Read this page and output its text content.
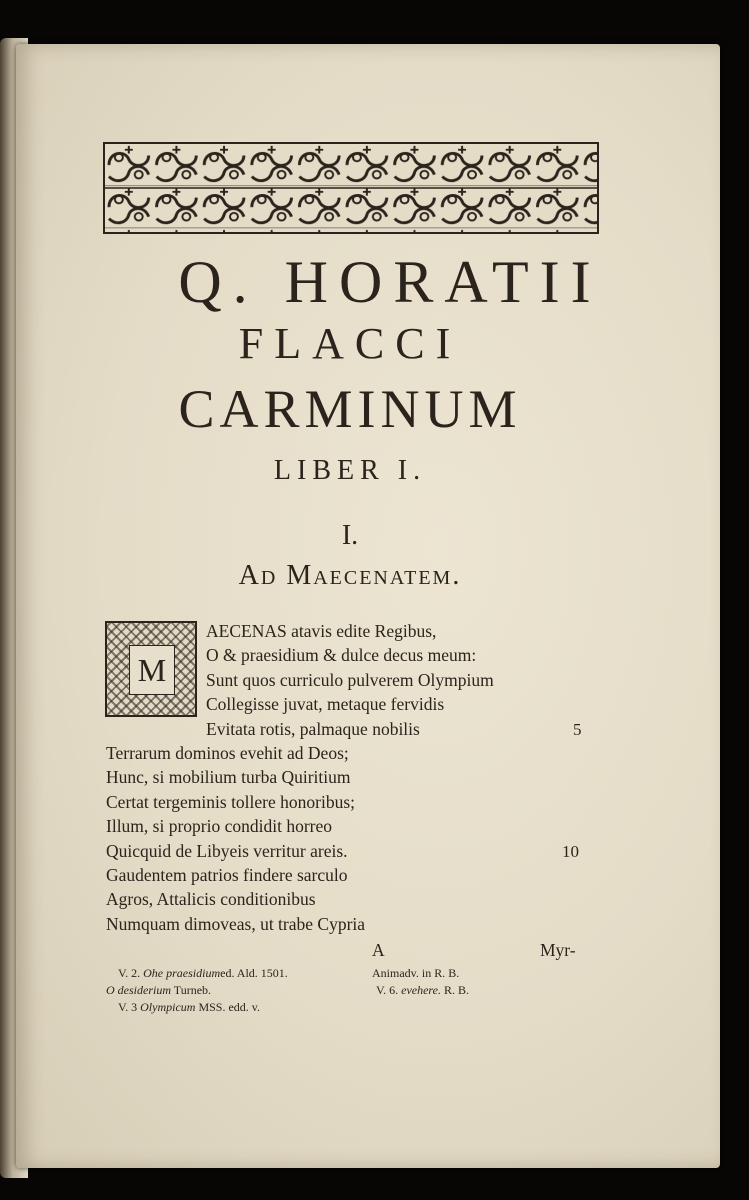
Q. HORATII
FLACCI
CARMINUM
LIBER I.
I.
Ad Maecenatem.
M

AECENAS atavis edite Regibus,

O & praesidium & dulce decus meum:

Sunt quos curriculo pulverem Olympium

Collegisse juvat, metaque fervidis

Evitata rotis, palmaque nobilis

Terrarum dominos evehit ad Deos;

Hunc, si mobilium turba Quiritium

Certat tergeminis tollere honoribus;

Illum, si proprio condidit horreo

Quicquid de Libyeis verritur areis.

Gaudentem patrios findere sarculo

Agros, Attalicis conditionibus

Numquam dimoveas, ut trabe Cypria

5
10
A	Myr-

V. 2. Ohe praesidiumed. Ald. 1501.	Animadv. in R. B.

O desiderium Turneb.	V. 6. evehere. R. B.

V. 3 Olympicum MSS. edd. v.
